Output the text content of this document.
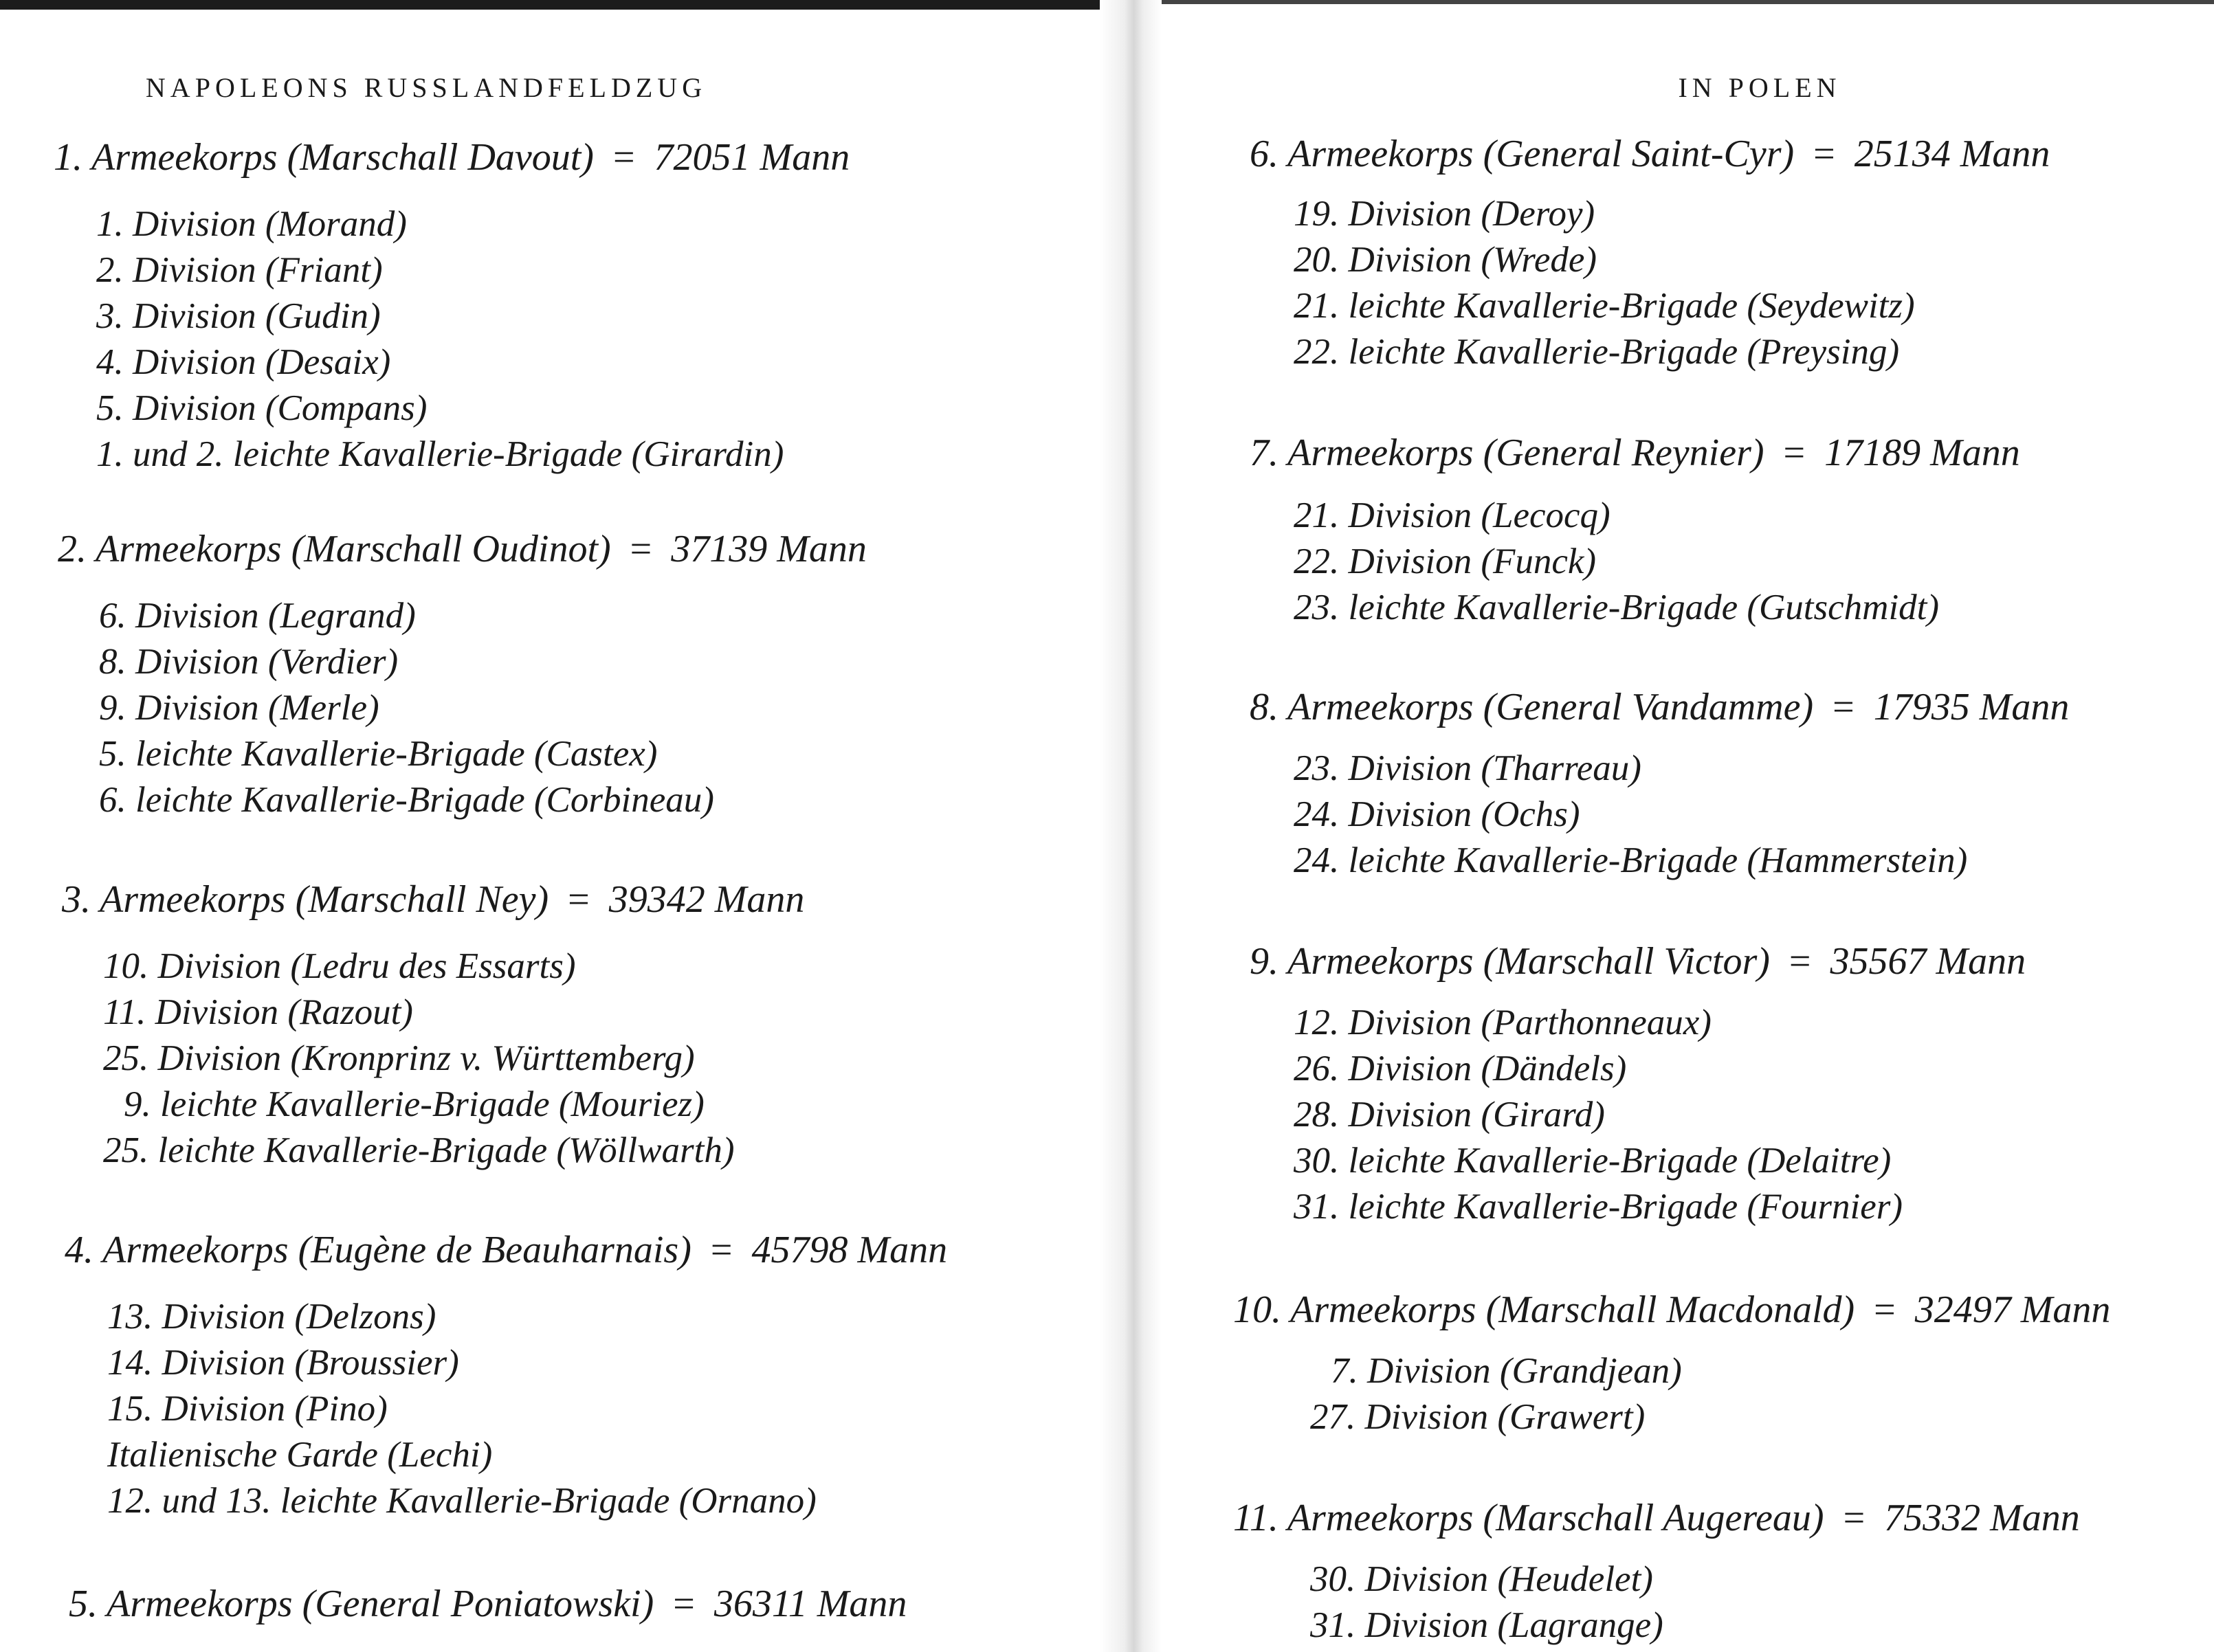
NAPOLEONS RUSSLANDFELDZUG
1. Armeekorps (Marschall Davout) = 72051 Mann
1. Division (Morand)
2. Division (Friant)
3. Division (Gudin)
4. Division (Desaix)
5. Division (Compans)
1. und 2. leichte Kavallerie-Brigade (Girardin)
2. Armeekorps (Marschall Oudinot) = 37139 Mann
6. Division (Legrand)
8. Division (Verdier)
9. Division (Merle)
5. leichte Kavallerie-Brigade (Castex)
6. leichte Kavallerie-Brigade (Corbineau)
3. Armeekorps (Marschall Ney) = 39342 Mann
10. Division (Ledru des Essarts)
11. Division (Razout)
25. Division (Kronprinz v. Württemberg)
9. leichte Kavallerie-Brigade (Mouriez)
25. leichte Kavallerie-Brigade (Wöllwarth)
4. Armeekorps (Eugène de Beauharnais) = 45798 Mann
13. Division (Delzons)
14. Division (Broussier)
15. Division (Pino)
Italienische Garde (Lechi)
12. und 13. leichte Kavallerie-Brigade (Ornano)
5. Armeekorps (General Poniatowski) = 36311 Mann
IN POLEN
6. Armeekorps (General Saint-Cyr) = 25134 Mann
19. Division (Deroy)
20. Division (Wrede)
21. leichte Kavallerie-Brigade (Seydewitz)
22. leichte Kavallerie-Brigade (Preysing)
7. Armeekorps (General Reynier) = 17189 Mann
21. Division (Lecocq)
22. Division (Funck)
23. leichte Kavallerie-Brigade (Gutschmidt)
8. Armeekorps (General Vandamme) = 17935 Mann
23. Division (Tharreau)
24. Division (Ochs)
24. leichte Kavallerie-Brigade (Hammerstein)
9. Armeekorps (Marschall Victor) = 35567 Mann
12. Division (Parthonneaux)
26. Division (Dändels)
28. Division (Girard)
30. leichte Kavallerie-Brigade (Delaitre)
31. leichte Kavallerie-Brigade (Fournier)
10. Armeekorps (Marschall Macdonald) = 32497 Mann
7. Division (Grandjean)
27. Division (Grawert)
11. Armeekorps (Marschall Augereau) = 75332 Mann
30. Division (Heudelet)
31. Division (Lagrange)
